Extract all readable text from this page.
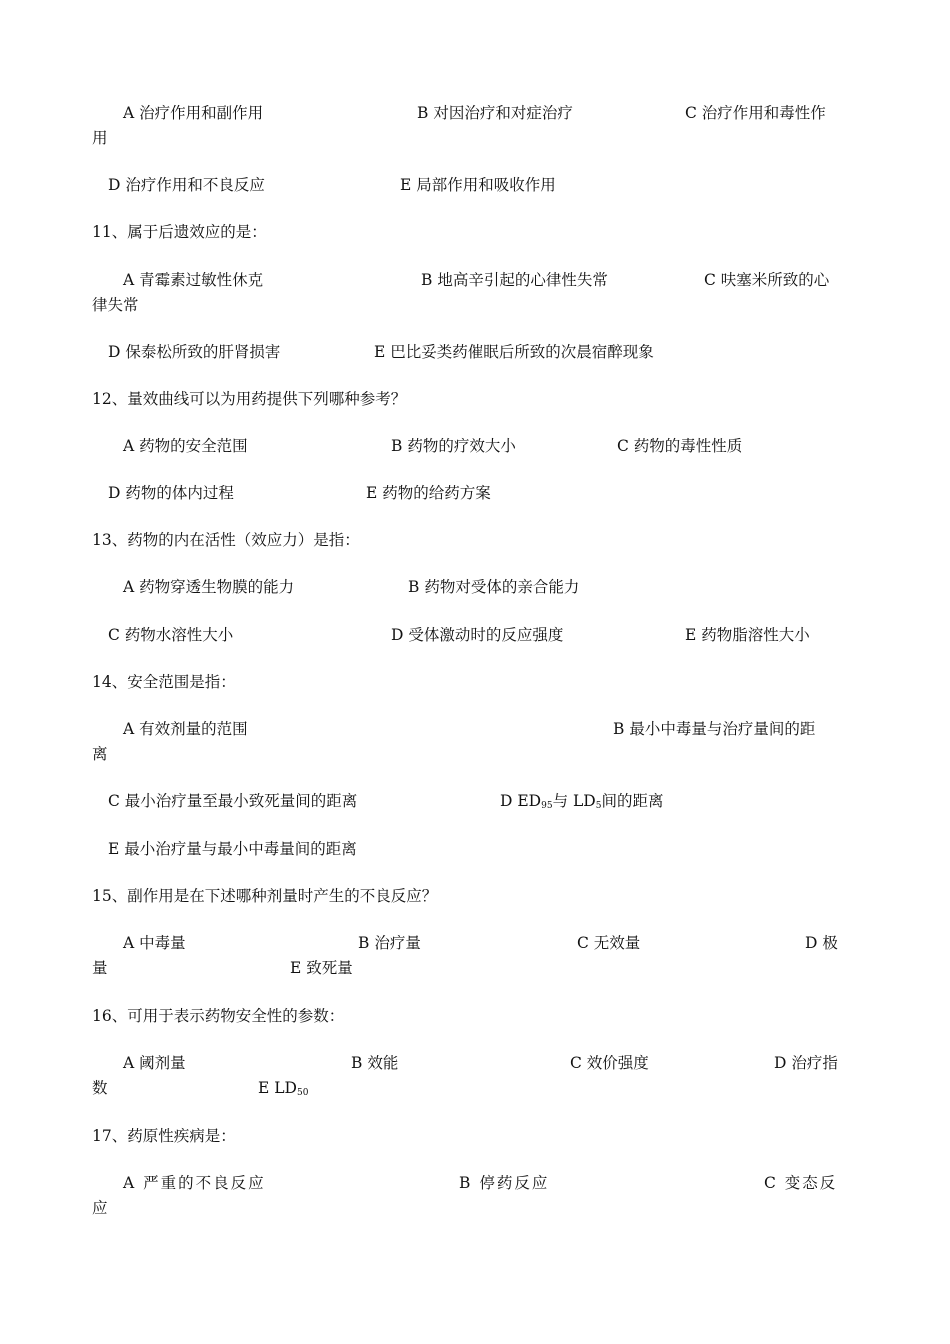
A 治疗作用和副作用	B 对因治疗和对症治疗	C 治疗作用和毒性作
用
D 治疗作用和不良反应	E 局部作用和吸收作用
11、属于后遗效应的是：
A 青霉素过敏性休克	B 地高辛引起的心律性失常	C 呋塞米所致的心
律失常
D 保泰松所致的肝肾损害	E 巴比妥类药催眠后所致的次晨宿醉现象
12、量效曲线可以为用药提供下列哪种参考？
A 药物的安全范围	B 药物的疗效大小	C 药物的毒性性质
D 药物的体内过程	E 药物的给药方案
13、药物的内在活性（效应力）是指：
A 药物穿透生物膜的能力	B 药物对受体的亲合能力
C 药物水溶性大小	D 受体激动时的反应强度	E 药物脂溶性大小
14、安全范围是指：
A 有效剂量的范围	B 最小中毒量与治疗量间的距
离
C 最小治疗量至最小致死量间的距离	D $ED_{95}$与 $LD_5$间的距离
E 最小治疗量与最小中毒量间的距离
15、副作用是在下述哪种剂量时产生的不良反应？
A 中毒量	B 治疗量	C 无效量	D 极
量	E 致死量
16、可用于表示药物安全性的参数：
A 阈剂量	B 效能	C 效价强度	D 治疗指
数	E $LD_{50}$
17、药原性疾病是：
A 严重的不良反应	B 停药反应	C 变态反
应
